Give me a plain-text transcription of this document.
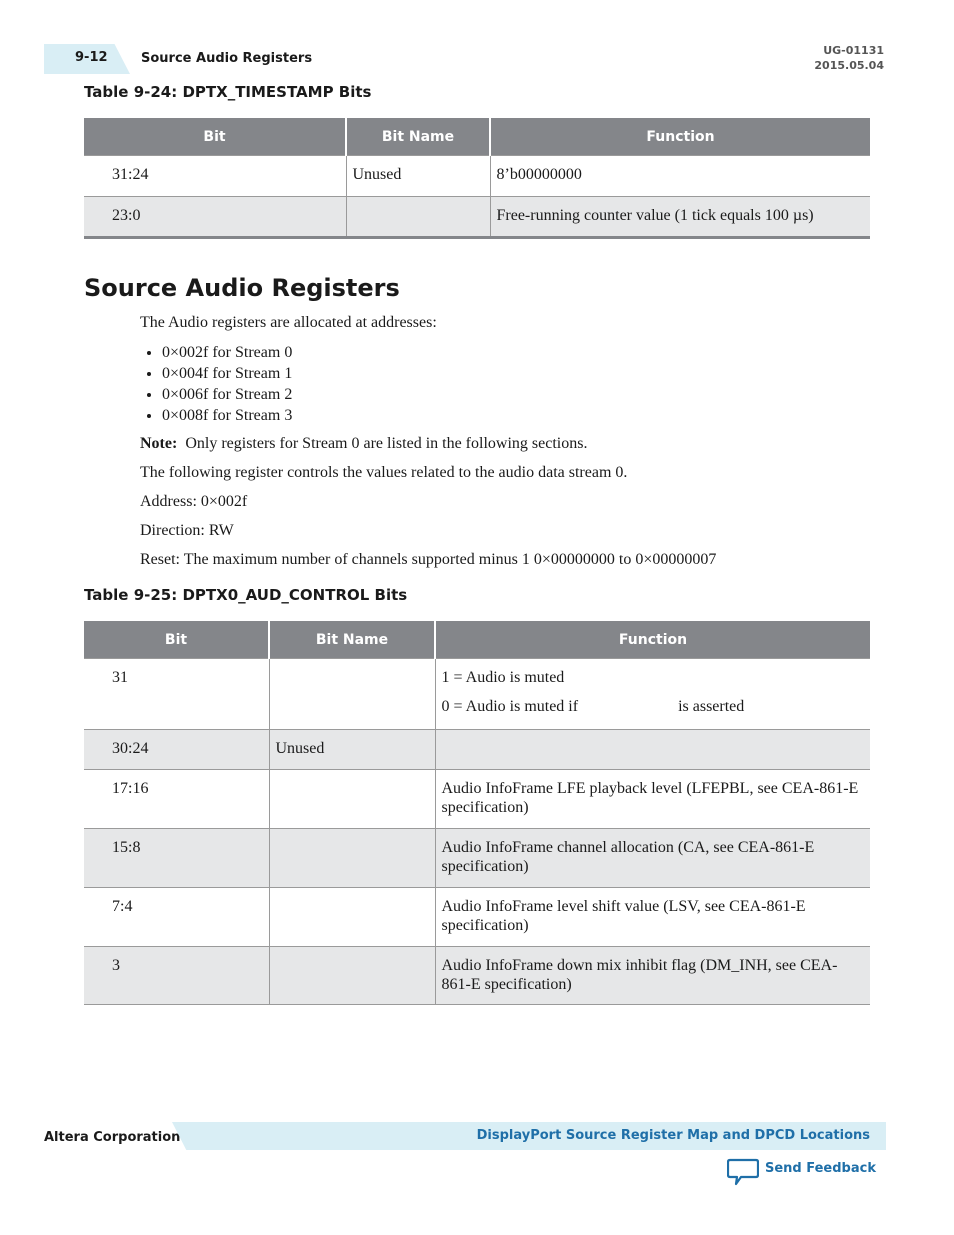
9-12	Source Audio Registers
UG-01131
2015.05.04
Table 9-24: DPTX_TIMESTAMP Bits
Bit	Bit Name	Function
31:24	Unused	8’b00000000
23:0		Free-running counter value (1 tick equals 100 µs)
Source Audio Registers
The Audio registers are allocated at addresses:
• 0×002f for Stream 0
• 0×004f for Stream 1
• 0×006f for Stream 2
• 0×008f for Stream 3
Note: Only registers for Stream 0 are listed in the following sections.
The following register controls the values related to the audio data stream 0.
Address: 0×002f
Direction: RW
Reset: The maximum number of channels supported minus 1 0×00000000 to 0×00000007
Table 9-25: DPTX0_AUD_CONTROL Bits
Bit	Bit Name	Function
31		1 = Audio is muted

0 = Audio is muted if                         is asserted

30:24	Unused	
17:16		Audio InfoFrame LFE playback level (LFEPBL, see CEA-861-E specification)
15:8		Audio InfoFrame channel allocation (CA, see CEA-861-E specification)
7:4		Audio InfoFrame level shift value (LSV, see CEA-861-E specification)
3		Audio InfoFrame down mix inhibit flag (DM_INH, see CEA-861-E specification)
Altera Corporation	DisplayPort Source Register Map and DPCD Locations
Send Feedback
